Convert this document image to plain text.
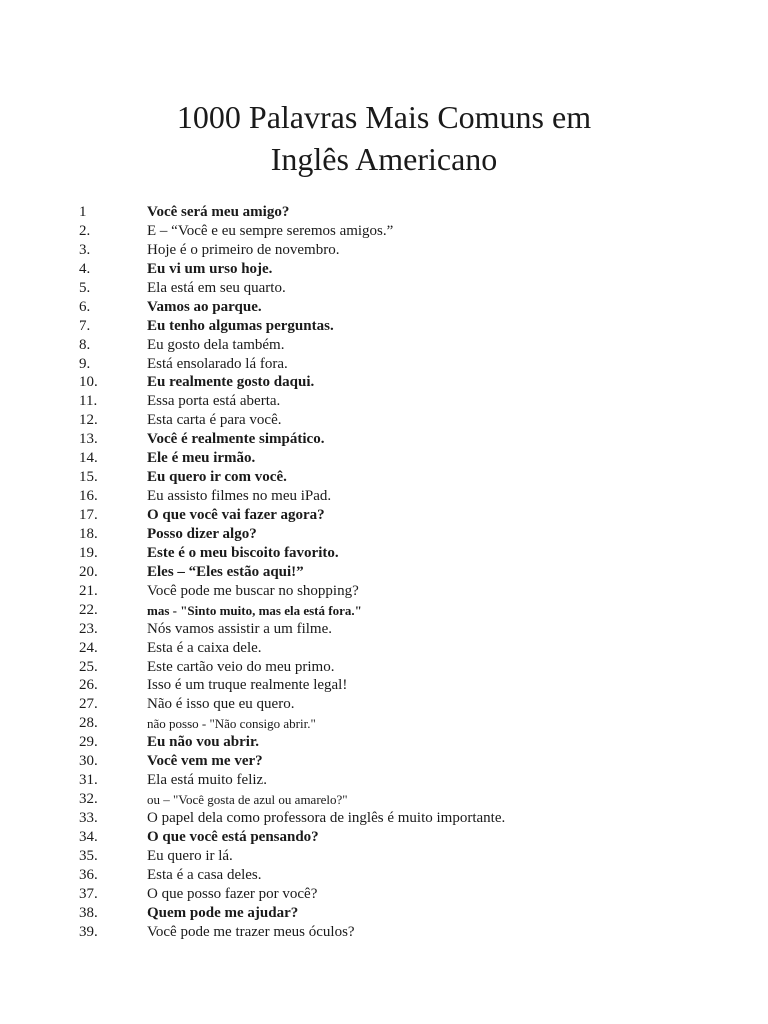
1000 Palavras Mais Comuns em
Inglês Americano
1	Você será meu amigo?
2.	E – “Você e eu sempre seremos amigos.”
3.	Hoje é o primeiro de novembro.
4.	Eu vi um urso hoje.
5.	Ela está em seu quarto.
6.	Vamos ao parque.
7.	Eu tenho algumas perguntas.
8.	Eu gosto dela também.
9.	Está ensolarado lá fora.
10.	Eu realmente gosto daqui.
11.	Essa porta está aberta.
12.	Esta carta é para você.
13.	Você é realmente simpático.
14.	Ele é meu irmão.
15.	Eu quero ir com você.
16.	Eu assisto filmes no meu iPad.
17.	O que você vai fazer agora?
18.	Posso dizer algo?
19.	Este é o meu biscoito favorito.
20.	Eles – “Eles estão aqui!”
21.	Você pode me buscar no shopping?
22.	mas - "Sinto muito, mas ela está fora."
23.	Nós vamos assistir a um filme.
24.	Esta é a caixa dele.
25.	Este cartão veio do meu primo.
26.	Isso é um truque realmente legal!
27.	Não é isso que eu quero.
28.	não posso - "Não consigo abrir."
29.	Eu não vou abrir.
30.	Você vem me ver?
31.	Ela está muito feliz.
32.	ou – "Você gosta de azul ou amarelo?"
33.	O papel dela como professora de inglês é muito importante.
34.	O que você está pensando?
35.	Eu quero ir lá.
36.	Esta é a casa deles.
37.	O que posso fazer por você?
38.	Quem pode me ajudar?
39.	Você pode me trazer meus óculos?
